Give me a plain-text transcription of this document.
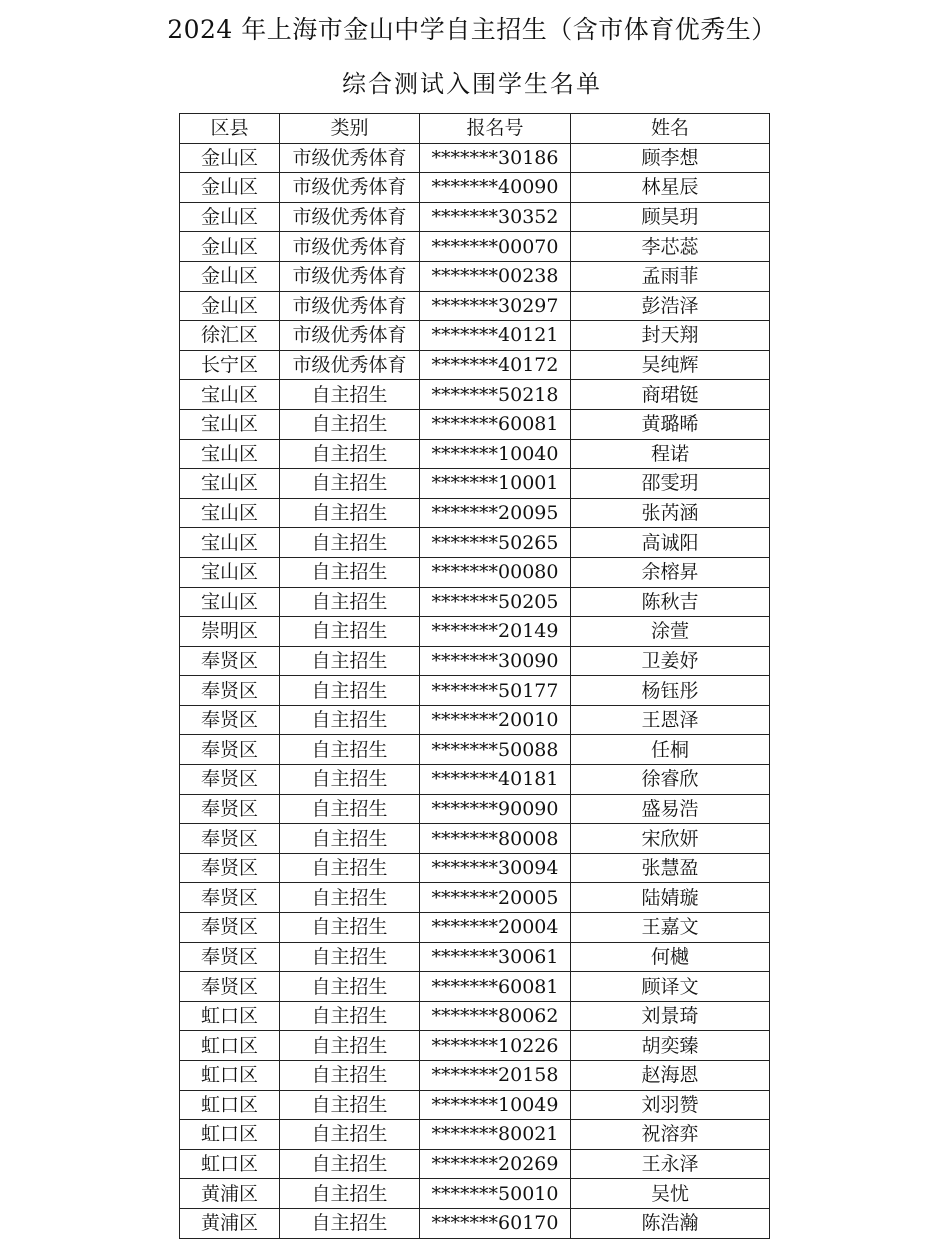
2024 年上海市金山中学自主招生（含市体育优秀生）
综合测试入围学生名单
区县	类别	报名号	姓名
金山区	市级优秀体育	*******30186	顾李想
金山区	市级优秀体育	*******40090	林星辰
金山区	市级优秀体育	*******30352	顾昊玥
金山区	市级优秀体育	*******00070	李芯蕊
金山区	市级优秀体育	*******00238	孟雨菲
金山区	市级优秀体育	*******30297	彭浩泽
徐汇区	市级优秀体育	*******40121	封天翔
长宁区	市级优秀体育	*******40172	吴纯辉
宝山区	自主招生	*******50218	商珺铤
宝山区	自主招生	*******60081	黄璐晞
宝山区	自主招生	*******10040	程诺
宝山区	自主招生	*******10001	邵雯玥
宝山区	自主招生	*******20095	张芮涵
宝山区	自主招生	*******50265	高诚阳
宝山区	自主招生	*******00080	余榕昇
宝山区	自主招生	*******50205	陈秋吉
崇明区	自主招生	*******20149	涂萱
奉贤区	自主招生	*******30090	卫姜妤
奉贤区	自主招生	*******50177	杨钰彤
奉贤区	自主招生	*******20010	王恩泽
奉贤区	自主招生	*******50088	任桐
奉贤区	自主招生	*******40181	徐睿欣
奉贤区	自主招生	*******90090	盛易浩
奉贤区	自主招生	*******80008	宋欣妍
奉贤区	自主招生	*******30094	张慧盈
奉贤区	自主招生	*******20005	陆婧璇
奉贤区	自主招生	*******20004	王嘉文
奉贤区	自主招生	*******30061	何樾
奉贤区	自主招生	*******60081	顾译文
虹口区	自主招生	*******80062	刘景琦
虹口区	自主招生	*******10226	胡奕臻
虹口区	自主招生	*******20158	赵海恩
虹口区	自主招生	*******10049	刘羽赞
虹口区	自主招生	*******80021	祝溶弈
虹口区	自主招生	*******20269	王永泽
黄浦区	自主招生	*******50010	吴忧
黄浦区	自主招生	*******60170	陈浩瀚
